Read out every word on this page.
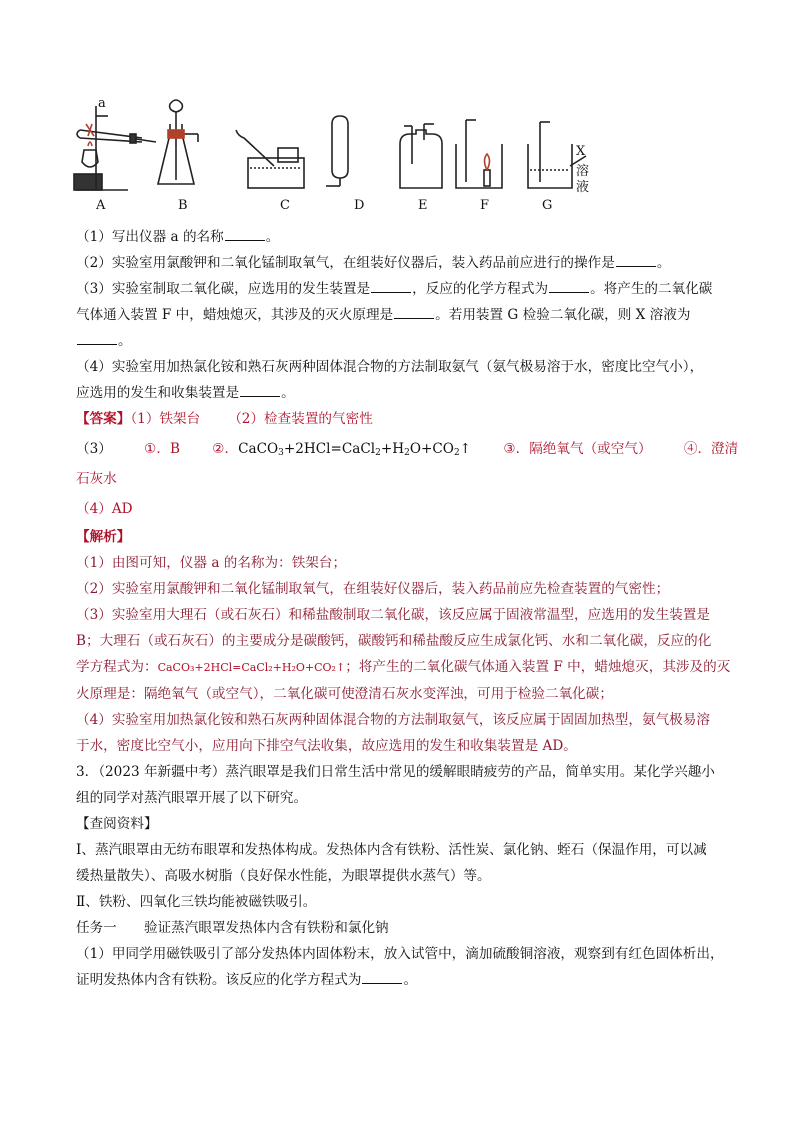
a
X
溶
液
A	B	C	D	E	F	G
（1）写出仪器 a 的名称	。
（2）实验室用氯酸钾和二氧化锰制取氧气，在组装好仪器后，装入药品前应进行的操作是	。
（3）实验室制取二氧化碳，应选用的发生装置是	，反应的化学方程式为	。将产生的二氧化碳
气体通入装置 F 中，蜡烛熄灭，其涉及的灭火原理是	。若用装置 G 检验二氧化碳，则 X 溶液为
。
（4）实验室用加热氯化铵和熟石灰两种固体混合物的方法制取氨气（氨气极易溶于水，密度比空气小），
应选用的发生和收集装置是	。
【答案】（1）铁架台 （2）检查装置的气密性
（3） ①．B ②．$CaCO_3+2HCl=CaCl_2+H_2O+CO_2↑$ ③．隔绝氧气（或空气） ④．澄清
石灰水
（4）AD
【解析】
（1）由图可知，仪器 a 的名称为：铁架台；
（2）实验室用氯酸钾和二氧化锰制取氧气，在组装好仪器后，装入药品前应先检查装置的气密性；
（3）实验室用大理石（或石灰石）和稀盐酸制取二氧化碳，该反应属于固液常温型，应选用的发生装置是
B；大理石（或石灰石）的主要成分是碳酸钙，碳酸钙和稀盐酸反应生成氯化钙、水和二氧化碳，反应的化
学方程式为：CaCO₃+2HCl=CaCl₂+H₂O+CO₂↑；将产生的二氧化碳气体通入装置 F 中，蜡烛熄灭，其涉及的灭
火原理是：隔绝氧气（或空气），二氧化碳可使澄清石灰水变浑浊，可用于检验二氧化碳；
（4）实验室用加热氯化铵和熟石灰两种固体混合物的方法制取氨气，该反应属于固固加热型，氨气极易溶
于水，密度比空气小，应用向下排空气法收集，故应选用的发生和收集装置是 AD。
3．（2023 年新疆中考）蒸汽眼罩是我们日常生活中常见的缓解眼睛疲劳的产品，简单实用。某化学兴趣小
组的同学对蒸汽眼罩开展了以下研究。
【查阅资料】
Ⅰ、蒸汽眼罩由无纺布眼罩和发热体构成。发热体内含有铁粉、活性炭、氯化钠、蛭石（保温作用，可以减
缓热量散失）、高吸水树脂（良好保水性能，为眼罩提供水蒸气）等。
Ⅱ、铁粉、四氧化三铁均能被磁铁吸引。
任务一　　验证蒸汽眼罩发热体内含有铁粉和氯化钠
（1）甲同学用磁铁吸引了部分发热体内固体粉末，放入试管中，滴加硫酸铜溶液，观察到有红色固体析出，
证明发热体内含有铁粉。该反应的化学方程式为	。
